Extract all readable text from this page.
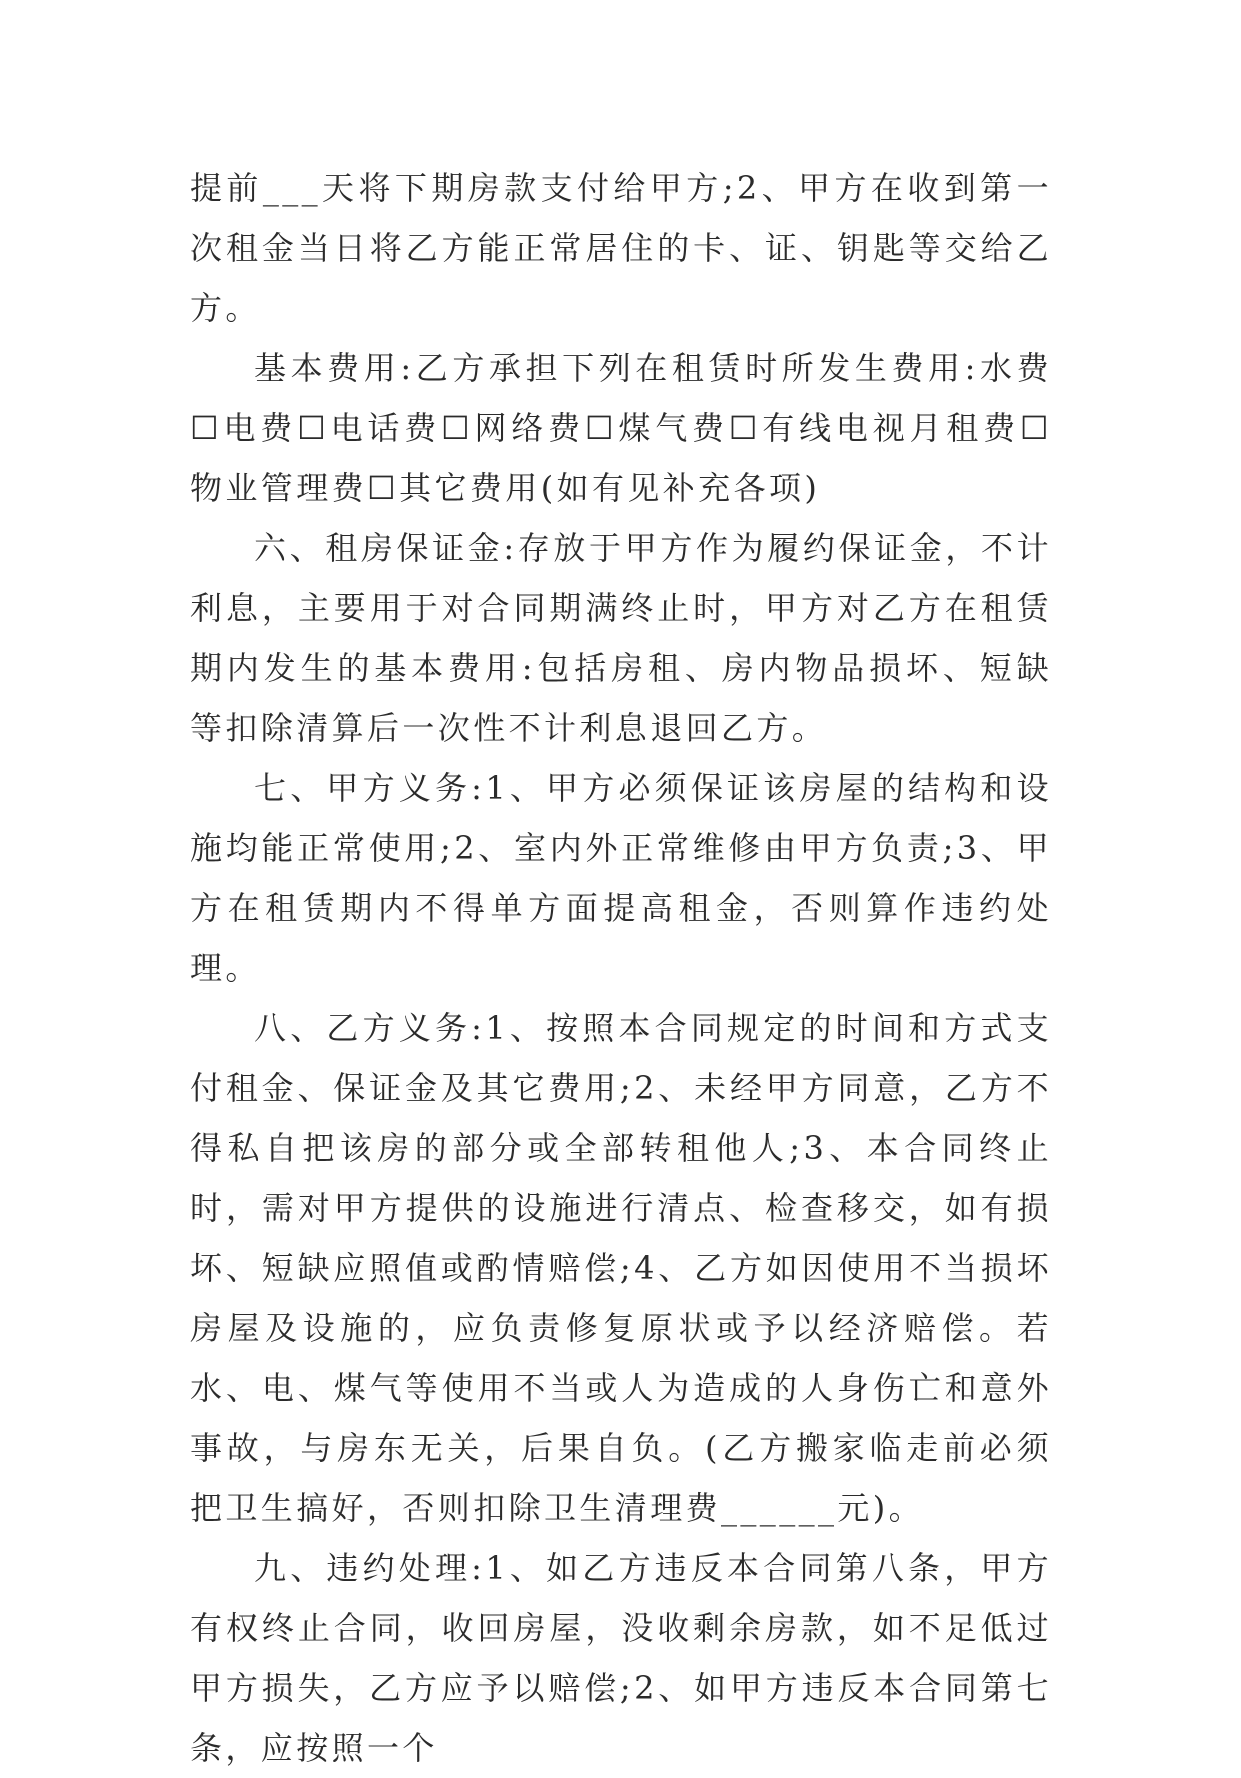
提前___天将下期房款支付给甲方;2、甲方在收到第一次租金当日将乙方能正常居住的卡、证、钥匙等交给乙方。

基本费用:乙方承担下列在租赁时所发生费用:水费☐电费☐电话费☐网络费☐煤气费☐有线电视月租费☐物业管理费☐其它费用(如有见补充各项)

六、租房保证金:存放于甲方作为履约保证金，不计利息，主要用于对合同期满终止时，甲方对乙方在租赁期内发生的基本费用:包括房租、房内物品损坏、短缺等扣除清算后一次性不计利息退回乙方。

七、甲方义务:1、甲方必须保证该房屋的结构和设施均能正常使用;2、室内外正常维修由甲方负责;3、甲方在租赁期内不得单方面提高租金，否则算作违约处理。

八、乙方义务:1、按照本合同规定的时间和方式支付租金、保证金及其它费用;2、未经甲方同意，乙方不得私自把该房的部分或全部转租他人;3、本合同终止时，需对甲方提供的设施进行清点、检查移交，如有损坏、短缺应照值或酌情赔偿;4、乙方如因使用不当损坏房屋及设施的，应负责修复原状或予以经济赔偿。若水、电、煤气等使用不当或人为造成的人身伤亡和意外事故，与房东无关，后果自负。(乙方搬家临走前必须把卫生搞好，否则扣除卫生清理费______元)。

九、违约处理:1、如乙方违反本合同第八条，甲方有权终止合同，收回房屋，没收剩余房款，如不足低过甲方损失，乙方应予以赔偿;2、如甲方违反本合同第七条，应按照一个
